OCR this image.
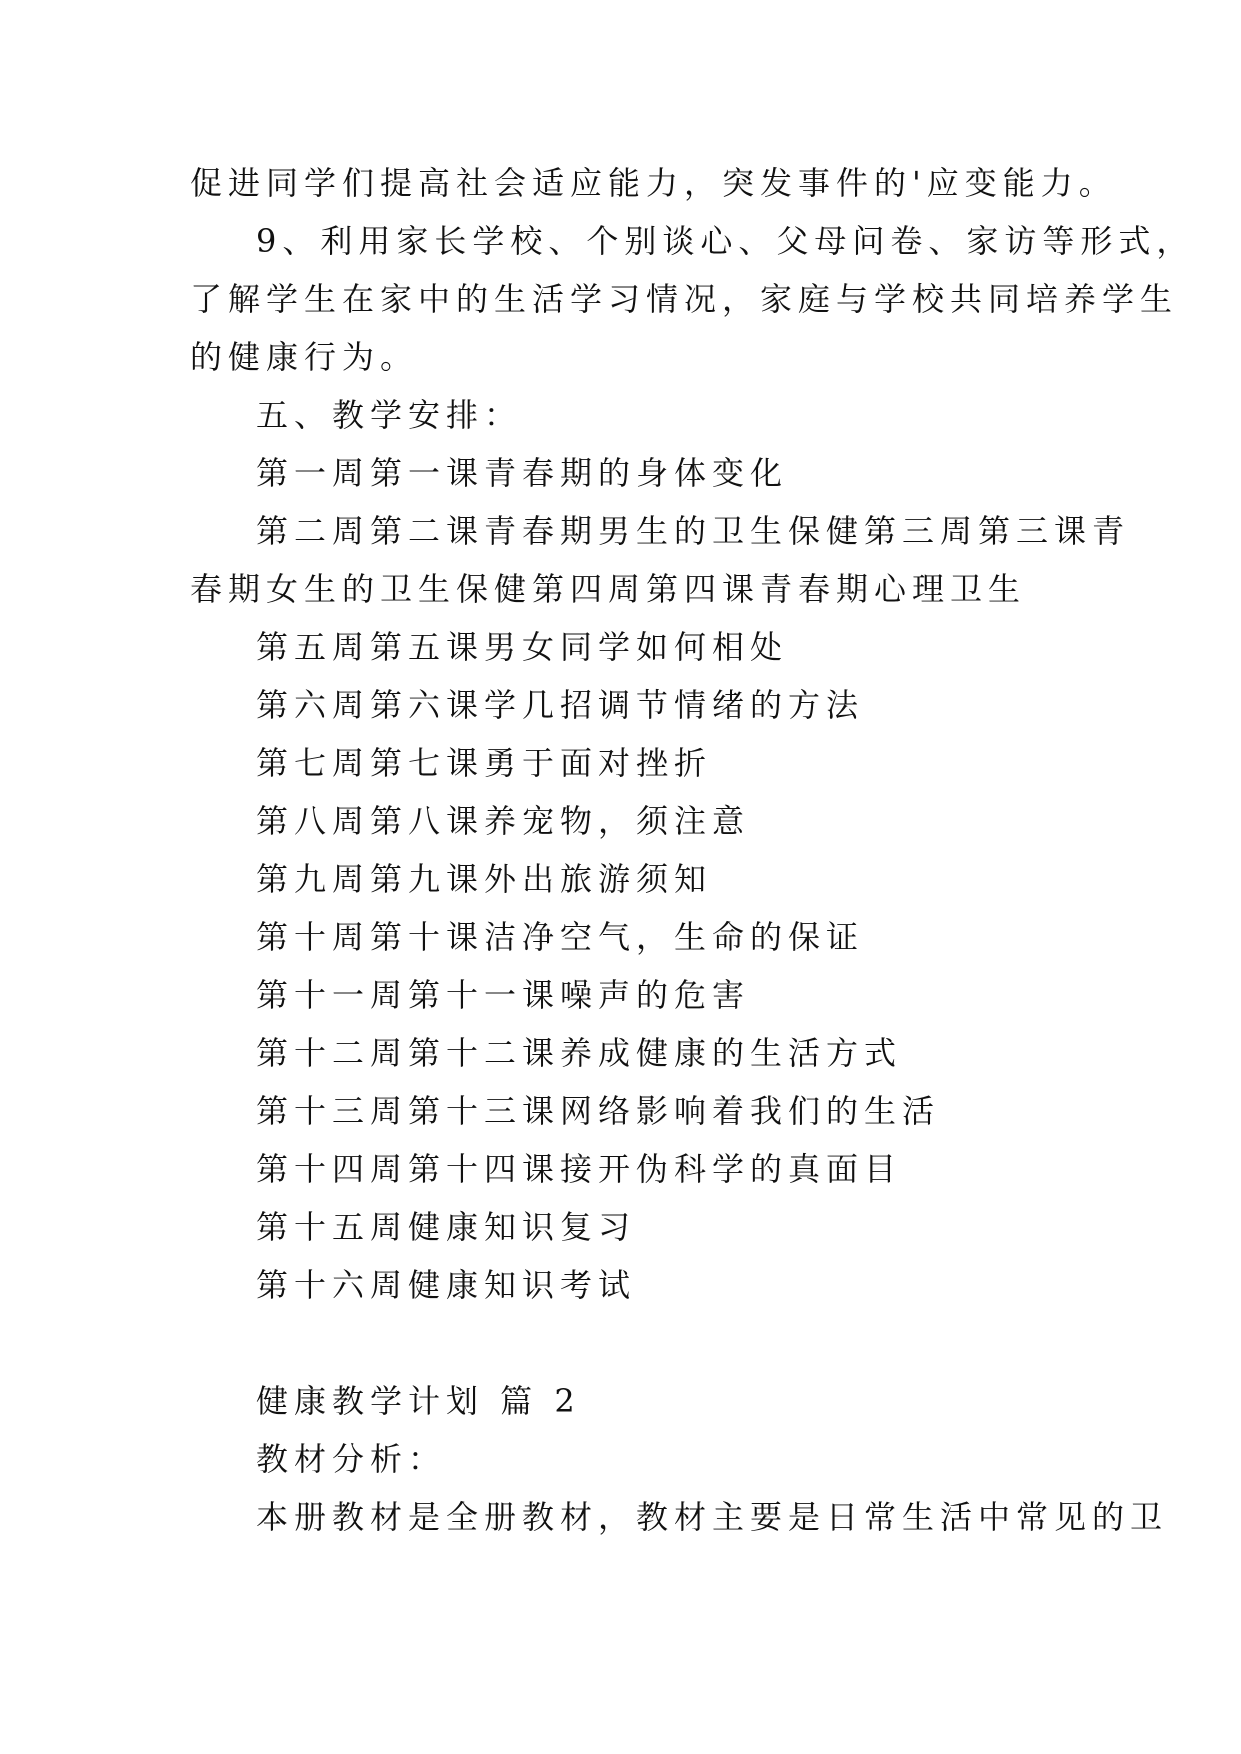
促进同学们提高社会适应能力，突发事件的'应变能力。
9、利用家长学校、个别谈心、父母问卷、家访等形式，
了解学生在家中的生活学习情况，家庭与学校共同培养学生
的健康行为。
五、教学安排：
第一周第一课青春期的身体变化
第二周第二课青春期男生的卫生保健第三周第三课青
春期女生的卫生保健第四周第四课青春期心理卫生
第五周第五课男女同学如何相处
第六周第六课学几招调节情绪的方法
第七周第七课勇于面对挫折
第八周第八课养宠物，须注意
第九周第九课外出旅游须知
第十周第十课洁净空气，生命的保证
第十一周第十一课噪声的危害
第十二周第十二课养成健康的生活方式
第十三周第十三课网络影响着我们的生活
第十四周第十四课接开伪科学的真面目
第十五周健康知识复习
第十六周健康知识考试
健康教学计划 篇 2
教材分析：
本册教材是全册教材，教材主要是日常生活中常见的卫
